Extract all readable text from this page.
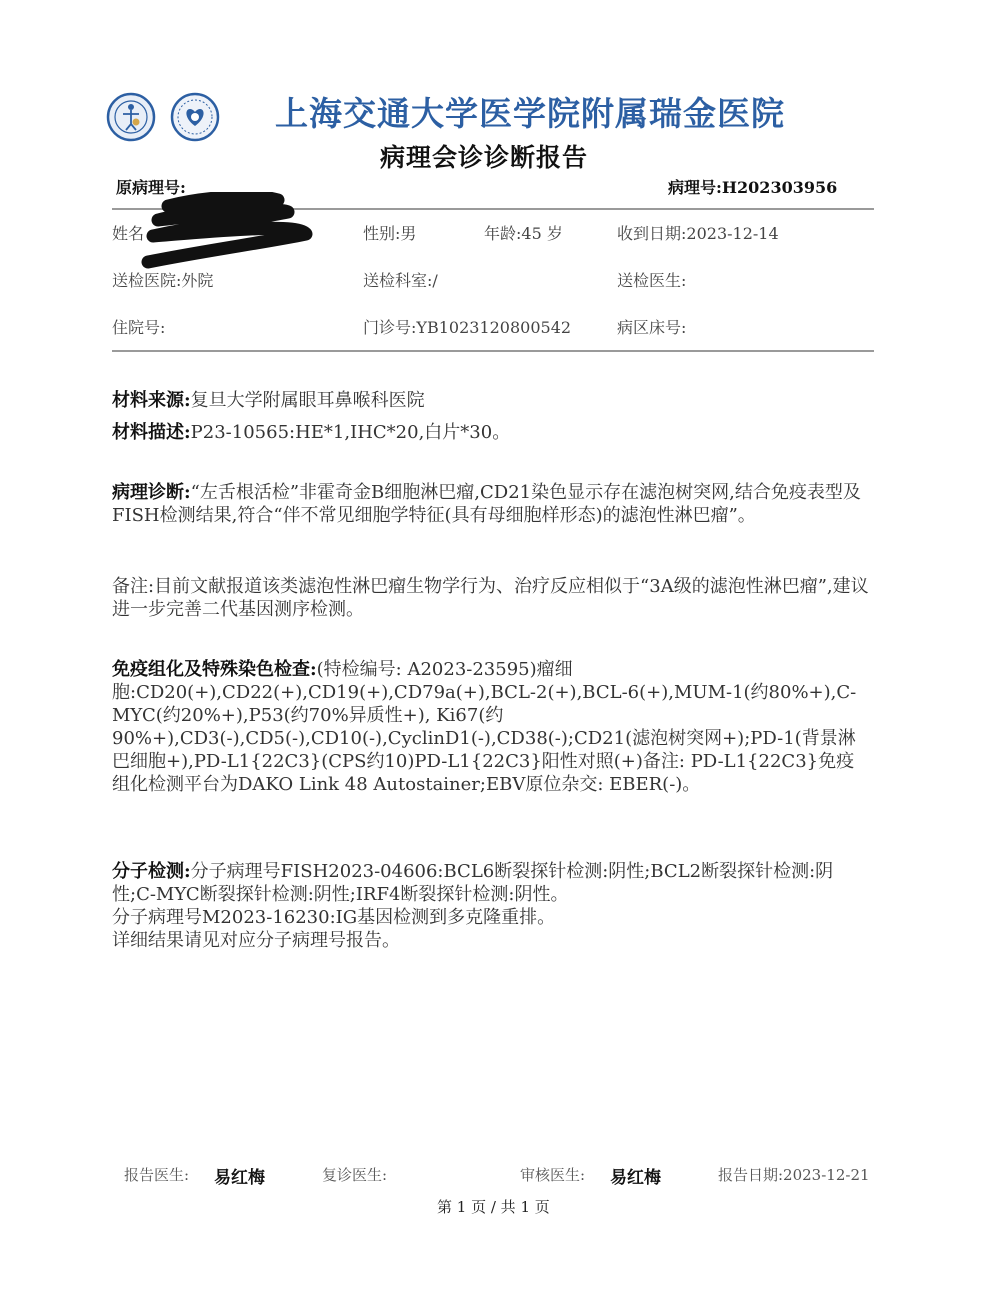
上海交通大学医学院附属瑞金医院
病理会诊诊断报告
原病理号:	病理号:H202303956
姓名	性别:男	年龄:45 岁	收到日期:2023-12-14
送检医院:外院	送检科室:/	送检医生:
住院号:	门诊号:YB1023120800542	病区床号:
材料来源:复旦大学附属眼耳鼻喉科医院
材料描述:P23-10565:HE*1,IHC*20,白片*30。
病理诊断:“左舌根活检”非霍奇金B细胞淋巴瘤,CD21染色显示存在滤泡树突网,结合免疫表型及FISH检测结果,符合“伴不常见细胞学特征(具有母细胞样形态)的滤泡性淋巴瘤”。
备注:目前文献报道该类滤泡性淋巴瘤生物学行为、治疗反应相似于“3A级的滤泡性淋巴瘤”,建议进一步完善二代基因测序检测。
免疫组化及特殊染色检查:(特检编号: A2023-23595)瘤细胞:CD20(+),CD22(+),CD19(+),CD79a(+),BCL-2(+),BCL-6(+),MUM-1(约80%+),C-MYC(约20%+),P53(约70%异质性+), Ki67(约90%+),CD3(-),CD5(-),CD10(-),CyclinD1(-),CD38(-);CD21(滤泡树突网+);PD-1(背景淋巴细胞+),PD-L1{22C3}(CPS约10)PD-L1{22C3}阳性对照(+)备注: PD-L1{22C3}免疫组化检测平台为DAKO Link 48 Autostainer;EBV原位杂交: EBER(-)。
分子检测:分子病理号FISH2023-04606:BCL6断裂探针检测:阴性;BCL2断裂探针检测:阴性;C-MYC断裂探针检测:阴性;IRF4断裂探针检测:阴性。
分子病理号M2023-16230:IG基因检测到多克隆重排。
详细结果请见对应分子病理号报告。
报告医生: 易红梅	复诊医生:	审核医生: 易红梅	报告日期:2023-12-21
第 1 页 / 共 1 页
